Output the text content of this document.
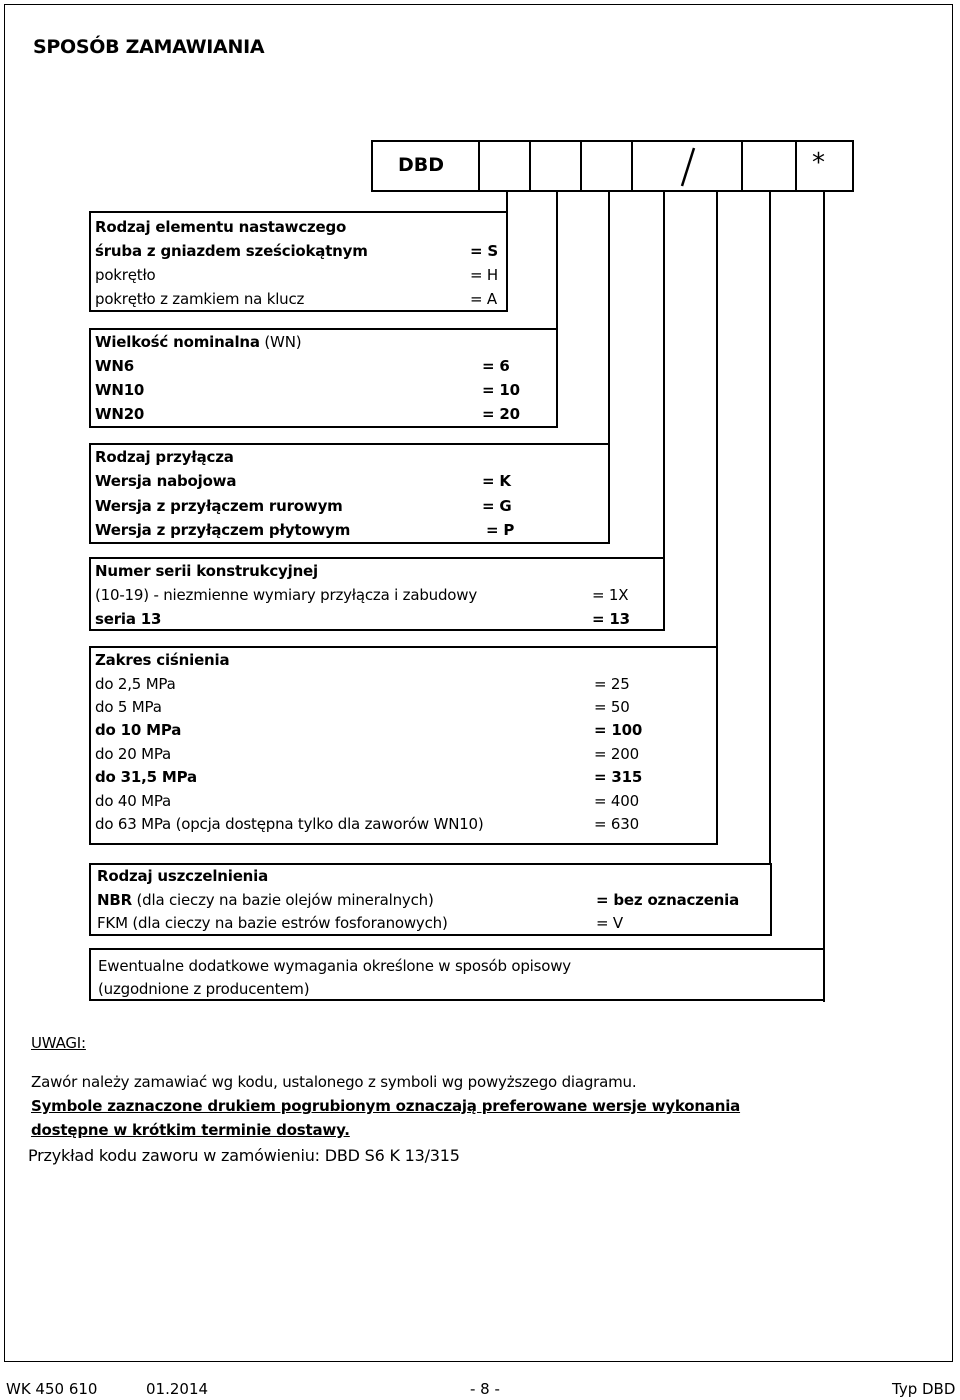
SPOSÓB ZAMAWIANIA
DBD	*
Rodzaj elementu nastawczego
śruba z gniazdem sześciokątnym	= S
pokrętło	= H
pokrętło z zamkiem na klucz	= A
Wielkość nominalna (WN)
WN6	= 6
WN10	= 10
WN20	= 20
Rodzaj przyłącza
Wersja nabojowa	= K
Wersja z przyłączem rurowym	= G
Wersja z przyłączem płytowym	= P
Numer serii konstrukcyjnej
(10-19) - niezmienne wymiary przyłącza i zabudowy	= 1X
seria 13	= 13
Zakres ciśnienia
do 2,5 MPa	= 25
do 5 MPa	= 50
do 10 MPa	= 100
do 20 MPa	= 200
do 31,5 MPa	= 315
do 40 MPa	= 400
do 63 MPa (opcja dostępna tylko dla zaworów WN10)	= 630
Rodzaj uszczelnienia
NBR (dla cieczy na bazie olejów mineralnych)	= bez oznaczenia
FKM (dla cieczy na bazie estrów fosforanowych)	= V
Ewentualne dodatkowe wymagania określone w sposób opisowy
(uzgodnione z producentem)
UWAGI:
Zawór należy zamawiać wg kodu, ustalonego z symboli wg powyższego diagramu.
Symbole zaznaczone drukiem pogrubionym oznaczają preferowane wersje wykonania
dostępne w krótkim terminie dostawy.
Przykład kodu zaworu w zamówieniu: DBD S6 K 13/315
WK 450 610	01.2014	- 8 -	Typ DBD
